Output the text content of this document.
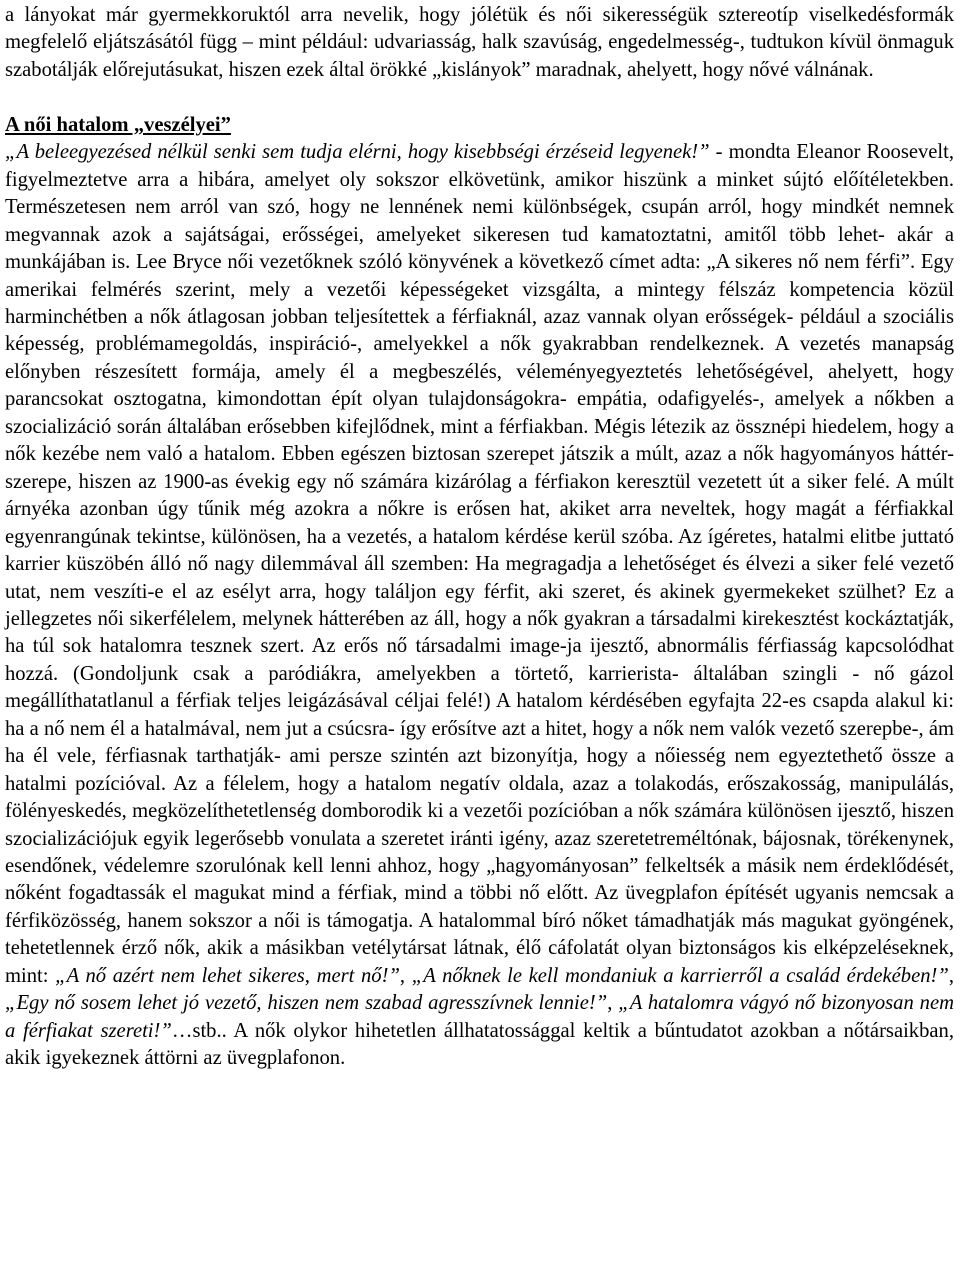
a lányokat már gyermekkoruktól arra nevelik, hogy jólétük és női sikerességük sztereotíp viselkedésformák megfelelő eljátszásától függ – mint például: udvariasság, halk szavúság, engedelmesség-, tudtukon kívül önmaguk szabotálják előrejutásukat, hiszen ezek által örökké „kislányok” maradnak, ahelyett, hogy nővé válnának.

A női hatalom „veszélyei”

„A beleegyezésed nélkül senki sem tudja elérni, hogy kisebbségi érzéseid legyenek!” - mondta Eleanor Roosevelt, figyelmeztetve arra a hibára, amelyet oly sokszor elkövetünk, amikor hiszünk a minket sújtó előítéletekben. Természetesen nem arról van szó, hogy ne lennének nemi különbségek, csupán arról, hogy mindkét nemnek megvannak azok a sajátságai, erősségei, amelyeket sikeresen tud kamatoztatni, amitől több lehet- akár a munkájában is. Lee Bryce női vezetőknek szóló könyvének a következő címet adta: „A sikeres nő nem férfi”. Egy amerikai felmérés szerint, mely a vezetői képességeket vizsgálta, a mintegy félszáz kompetencia közül harminchétben a nők átlagosan jobban teljesítettek a férfiaknál, azaz vannak olyan erősségek- például a szociális képesség, problémamegoldás, inspiráció-, amelyekkel a nők gyakrabban rendelkeznek. A vezetés manapság előnyben részesített formája, amely él a megbeszélés, véleményegyeztetés lehetőségével, ahelyett, hogy parancsokat osztogatna, kimondottan épít olyan tulajdonságokra- empátia, odafigyelés-, amelyek a nőkben a szocializáció során általában erősebben kifejlődnek, mint a férfiakban. Mégis létezik az össznépi hiedelem, hogy a nők kezébe nem való a hatalom. Ebben egészen biztosan szerepet játszik a múlt, azaz a nők hagyományos háttér- szerepe, hiszen az 1900-as évekig egy nő számára kizárólag a férfiakon keresztül vezetett út a siker felé. A múlt árnyéka azonban úgy tűnik még azokra a nőkre is erősen hat, akiket arra neveltek, hogy magát a férfiakkal egyenrangúnak tekintse, különösen, ha a vezetés, a hatalom kérdése kerül szóba. Az ígéretes, hatalmi elitbe juttató karrier küszöbén álló nő nagy dilemmával áll szemben: Ha megragadja a lehetőséget és élvezi a siker felé vezető utat, nem veszíti-e el az esélyt arra, hogy találjon egy férfit, aki szeret, és akinek gyermekeket szülhet? Ez a jellegzetes női sikerfélelem, melynek hátterében az áll, hogy a nők gyakran a társadalmi kirekesztést kockáztatják, ha túl sok hatalomra tesznek szert. Az erős nő társadalmi image-ja ijesztő, abnormális férfiasság kapcsolódhat hozzá. (Gondoljunk csak a paródiákra, amelyekben a törtető, karrierista- általában szingli - nő gázol megállíthatatlanul a férfiak teljes leigázásával céljai felé!) A hatalom kérdésében egyfajta 22-es csapda alakul ki: ha a nő nem él a hatalmával, nem jut a csúcsra- így erősítve azt a hitet, hogy a nők nem valók vezető szerepbe-, ám ha él vele, férfiasnak tarthatják- ami persze szintén azt bizonyítja, hogy a nőiesség nem egyeztethető össze a hatalmi pozícióval. Az a félelem, hogy a hatalom negatív oldala, azaz a tolakodás, erőszakosság, manipulálás, fölényeskedés, megközelíthetetlenség domborodik ki a vezetői pozícióban a nők számára különösen ijesztő, hiszen szocializációjuk egyik legerősebb vonulata a szeretet iránti igény, azaz szeretetreméltónak, bájosnak, törékenynek, esendőnek, védelemre szorulónak kell lenni ahhoz, hogy „hagyományosan” felkeltsék a másik nem érdeklődését, nőként fogadtassák el magukat mind a férfiak, mind a többi nő előtt. Az üvegplafon építését ugyanis nemcsak a férfiközösség, hanem sokszor a női is támogatja. A hatalommal bíró nőket támadhatják más magukat gyöngének, tehetetlennek érző nők, akik a másikban vetélytársat látnak, élő cáfolatát olyan biztonságos kis elképzeléseknek, mint: „A nő azért nem lehet sikeres, mert nő!”, „A nőknek le kell mondaniuk a karrierről a család érdekében!”, „Egy nő sosem lehet jó vezető, hiszen nem szabad agresszívnek lennie!”, „A hatalomra vágyó nő bizonyosan nem a férfiakat szereti!”…stb.. A nők olykor hihetetlen állhatatossággal keltik a bűntudatot azokban a nőtársaikban, akik igyekeznek áttörni az üvegplafonon.
